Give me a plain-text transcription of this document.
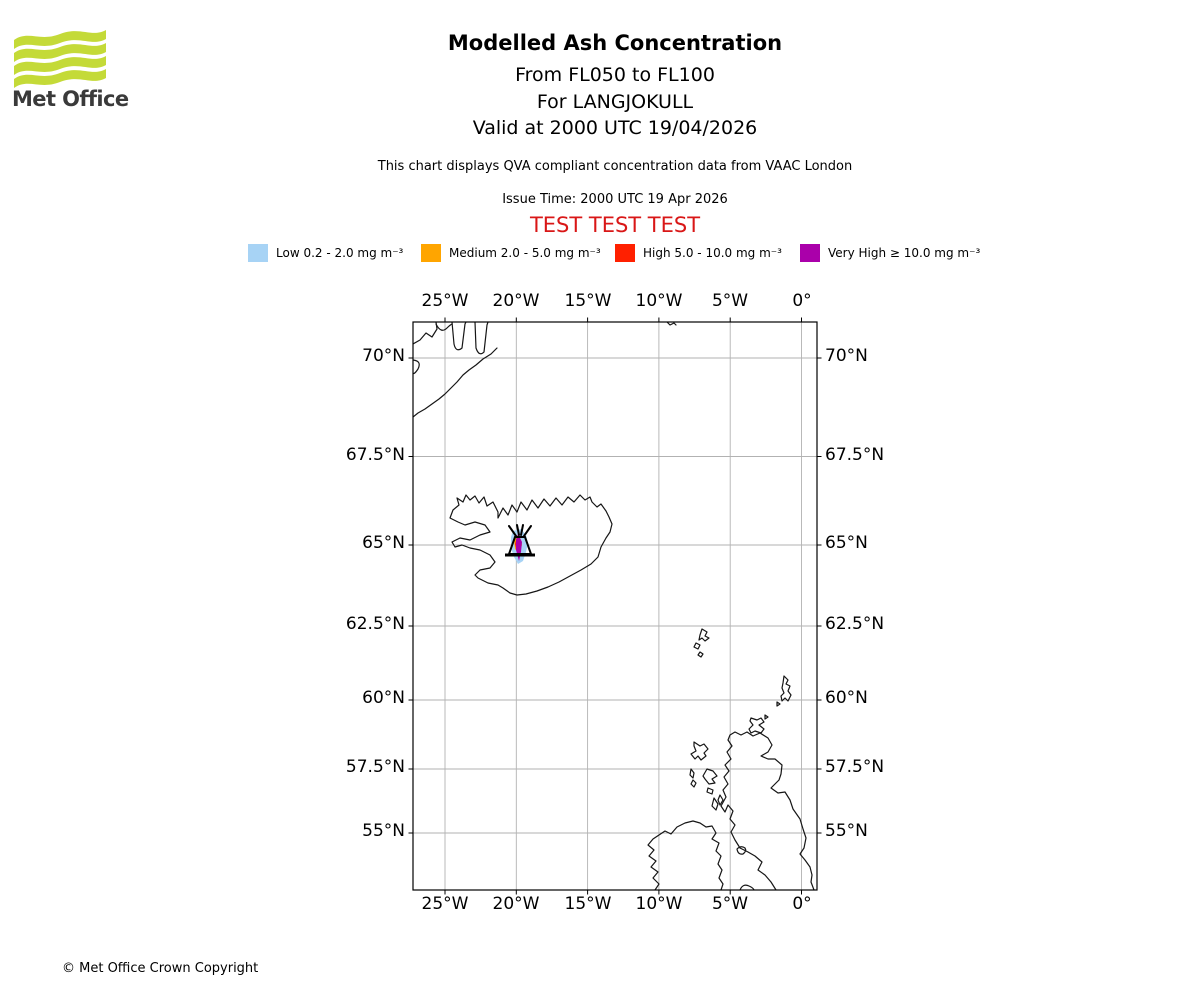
Met Office
Modelled Ash Concentration
From FL050 to FL100
For LANGJOKULL
Valid at 2000 UTC 19/04/2026
This chart displays QVA compliant concentration data from VAAC London
Issue Time: 2000 UTC 19 Apr 2026
TEST TEST TEST
Low 0.2 - 2.0 mg m⁻³	Medium 2.0 - 5.0 mg m⁻³	High 5.0 - 10.0 mg m⁻³	Very High ≥ 10.0 mg m⁻³
25°W	20°W	15°W	10°W	5°W	0°
25°W	20°W	15°W	10°W	5°W	0°
70°N
67.5°N
65°N
62.5°N
60°N
57.5°N
55°N
70°N
67.5°N
65°N
62.5°N
60°N
57.5°N
55°N
© Met Office Crown Copyright
